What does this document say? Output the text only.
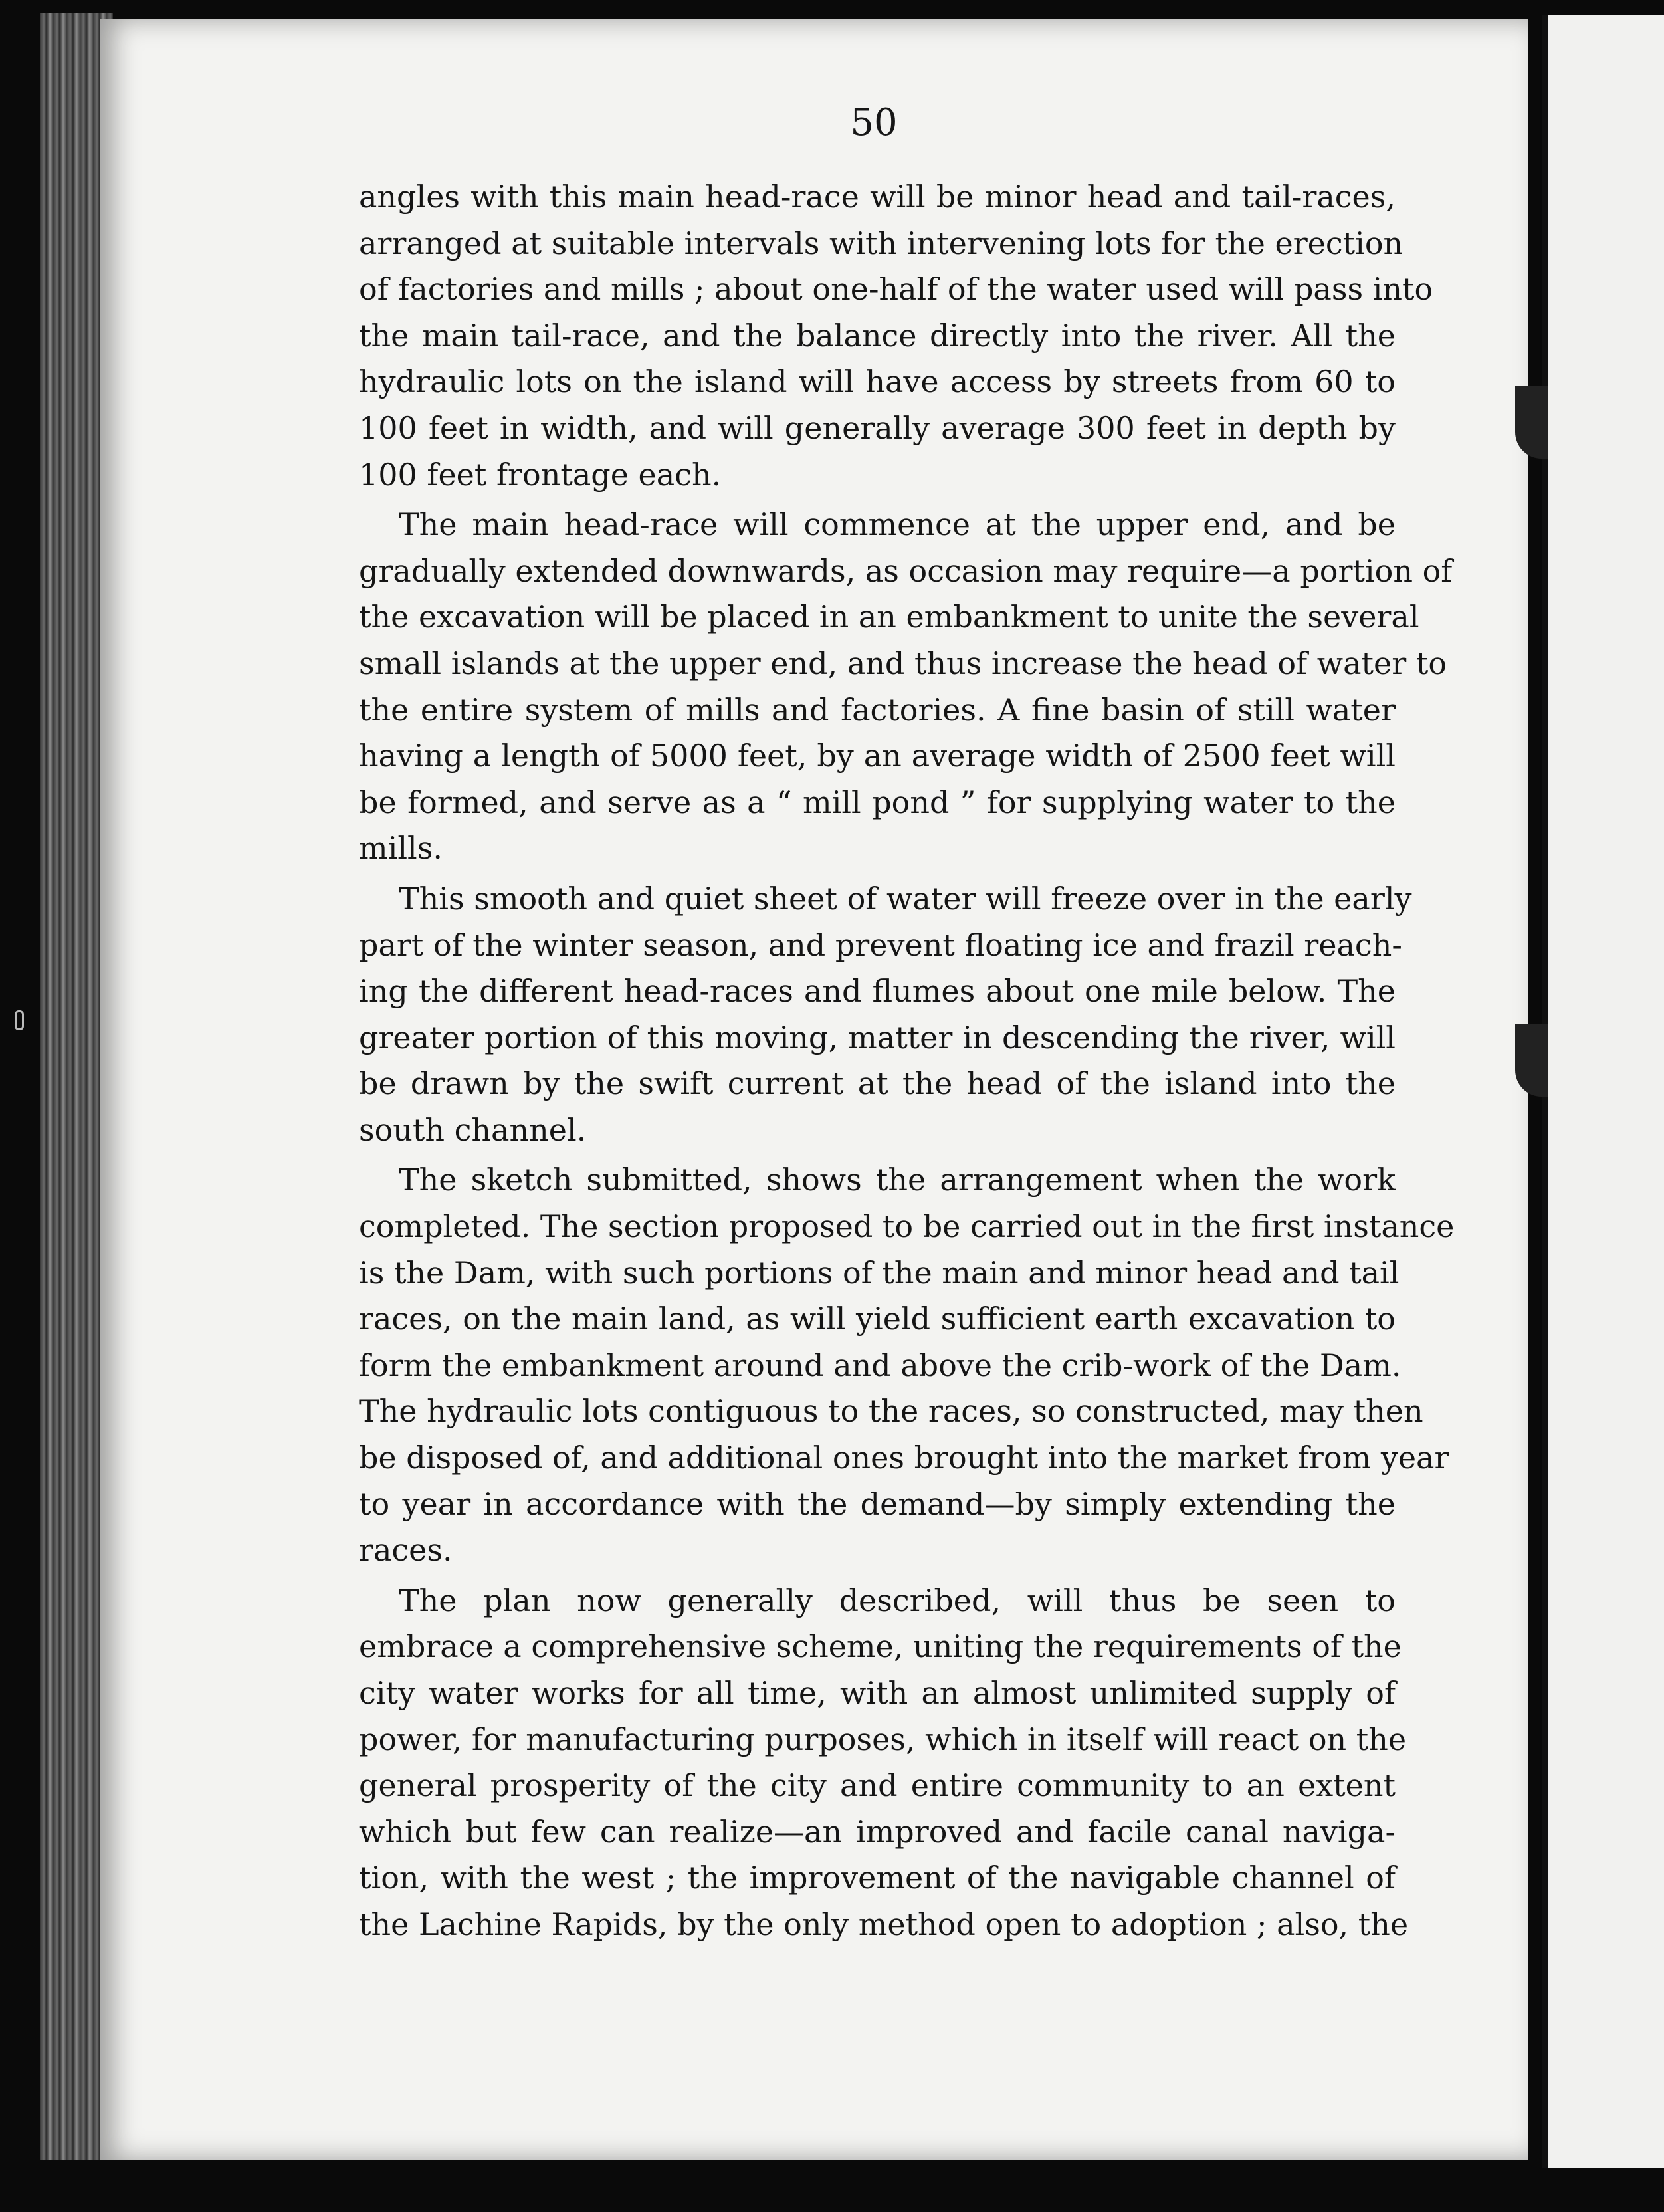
50
angles with this main head-race will be minor head and tail-races,
arranged at suitable intervals with intervening lots for the erection
of factories and mills ; about one-half of the water used will pass into
the main tail-race, and the balance directly into the river. All the
hydraulic lots on the island will have access by streets from 60 to
100 feet in width, and will generally average 300 feet in depth by
100 feet frontage each.
The main head-race will commence at the upper end, and be
gradually extended downwards, as occasion may require—a portion of
the excavation will be placed in an embankment to unite the several
small islands at the upper end, and thus increase the head of water to
the entire system of mills and factories. A fine basin of still water
having a length of 5000 feet, by an average width of 2500 feet will
be formed, and serve as a “ mill pond ” for supplying water to the
mills.
This smooth and quiet sheet of water will freeze over in the early
part of the winter season, and prevent floating ice and frazil reach-
ing the different head-races and flumes about one mile below. The
greater portion of this moving, matter in descending the river, will
be drawn by the swift current at the head of the island into the
south channel.
The sketch submitted, shows the arrangement when the work
completed. The section proposed to be carried out in the first instance
is the Dam, with such portions of the main and minor head and tail
races, on the main land, as will yield sufficient earth excavation to
form the embankment around and above the crib-work of the Dam.
The hydraulic lots contiguous to the races, so constructed, may then
be disposed of, and additional ones brought into the market from year
to year in accordance with the demand—by simply extending the
races.
The plan now generally described, will thus be seen to
embrace a comprehensive scheme, uniting the requirements of the
city water works for all time, with an almost unlimited supply of
power, for manufacturing purposes, which in itself will react on the
general prosperity of the city and entire community to an extent
which but few can realize—an improved and facile canal naviga-
tion, with the west ; the improvement of the navigable channel of
the Lachine Rapids, by the only method open to adoption ; also, the
